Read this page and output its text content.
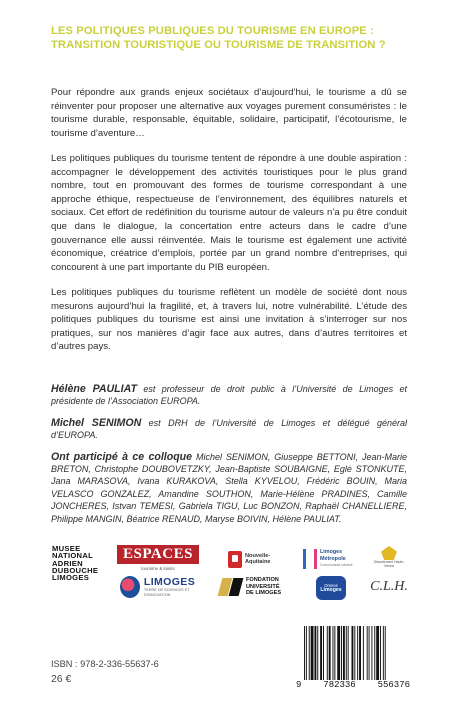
LES POLITIQUES PUBLIQUES DU TOURISME EN EUROPE :
TRANSITION TOURISTIQUE OU TOURISME DE TRANSITION ?

Pour répondre aux grands enjeux sociétaux d’aujourd’hui, le tourisme a dû se réinventer pour proposer une alternative aux voyages purement consuméristes : le tourisme durable, responsable, équitable, solidaire, participatif, l’écotourisme, le tourisme d’aventure…

Les politiques publiques du tourisme tentent de répondre à une double aspiration : accompagner le développement des activités touristiques pour le plus grand nombre, tout en promouvant des formes de tourisme correspondant à une approche éthique, respectueuse de l’environnement, des équilibres naturels et sociaux. Cet effort de redéfinition du tourisme autour de valeurs n’a pu être conduit que dans le dialogue, la concertation entre acteurs dans le cadre d’une gouvernance elle aussi réinventée. Mais le tourisme est également une activité économique, créatrice d’emplois, portée par un grand nombre d’entreprises, qui concourent à une part importante du PIB européen.

Les politiques publiques du tourisme reflètent un modèle de société dont nous mesurons aujourd’hui la fragilité, et, à travers lui, notre vulnérabilité. L’étude des politiques publiques du tourisme est ainsi une invitation à s’interroger sur nos pratiques, sur nos manières d’agir face aux autres, dans d’autres territoires et d’autres pays.

Hélène PAULIAT est professeur de droit public à l’Université de Limoges et présidente de l’Association EUROPA.

Michel SENIMON est DRH de l’Université de Limoges et délégué général d’EUROPA.

Ont participé à ce colloque Michel SENIMON, Giuseppe BETTONI, Jean-Marie BRETON, Christophe DOUBOVETZKY, Jean-Baptiste SOUBAIGNE, Eglė STONKUTE, Jana MARASOVA, Ivana KURAKOVA, Stella KYVELOU, Frédéric BOUIN, Maria VELASCO GONZALEZ, Amandine SOUTHON, Marie-Hélène PRADINES, Camille JONCHERES, Istvan TEMESI, Gabriela TIGU, Luc BONZON, Raphaël CHANELLIERE, Philippe MANGIN, Béatrice RENAUD, Maryse BOIVIN, Hélène PAULIAT.

MUSEE
NATIONAL
ADRIEN
DUBOUCHE
LIMOGES
ESPACES
tourisme & loisirs
LIMOGES
TERRE DE SCIENCES ET D'INNOVATION
Nouvelle-
Aquitaine
FONDATION
UNIVERSITÉ
DE LIMOGES
Limoges
Métropole
Communauté urbaine
Omnes
Limoges
Département Haute-Vienne
C.L.H.
ISBN : 978-2-336-55637-6
26 €	9 782336 556376
